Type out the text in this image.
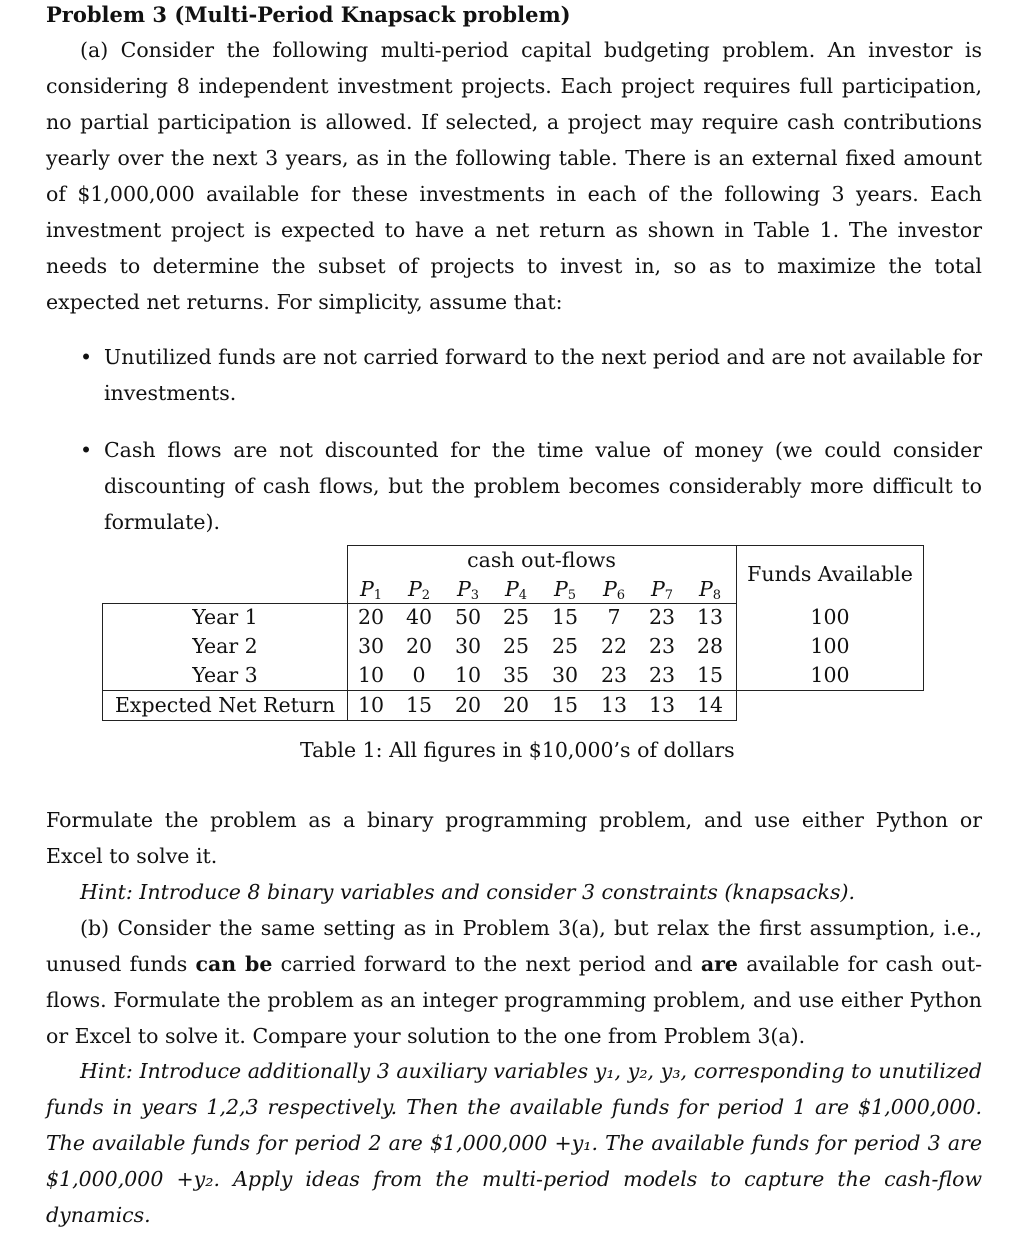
Problem 3 (Multi-Period Knapsack problem)

(a) Consider the following multi-period capital budgeting problem. An investor is considering 8 independent investment projects. Each project requires full participation, no partial participation is allowed. If selected, a project may require cash contributions yearly over the next 3 years, as in the following table. There is an external fixed amount of $1,000,000 available for these investments in each of the following 3 years. Each investment project is expected to have a net return as shown in Table 1. The investor needs to determine the subset of projects to invest in, so as to maximize the total expected net returns. For simplicity, assume that:

• Unutilized funds are not carried forward to the next period and are not available for investments.
• Cash flows are not discounted for the time value of money (we could consider discounting of cash flows, but the problem becomes considerably more difficult to formulate).
cash out-flows
Funds Available
$P_1$	$P_2$	$P_3$	$P_4$	$P_5$	$P_6$	$P_7$	$P_8$
Year 1	20	40	50	25	15	7	23	13	100
Year 2	30	20	30	25	25	22	23	28	100
Year 3	10	0	10	35	30	23	23	15	100
Expected Net Return	10	15	20	20	15	13	13	14
Table 1: All figures in $10,000’s of dollars

Formulate the problem as a binary programming problem, and use either Python or Excel to solve it.

Hint: Introduce 8 binary variables and consider 3 constraints (knapsacks).

(b) Consider the same setting as in Problem 3(a), but relax the first assumption, i.e., unused funds can be carried forward to the next period and are available for cash out-flows. Formulate the problem as an integer programming problem, and use either Python or Excel to solve it. Compare your solution to the one from Problem 3(a).

Hint: Introduce additionally 3 auxiliary variables y₁, y₂, y₃, corresponding to unutilized funds in years 1,2,3 respectively. Then the available funds for period 1 are $1,000,000. The available funds for period 2 are $1,000,000 +y₁. The available funds for period 3 are $1,000,000 +y₂. Apply ideas from the multi-period models to capture the cash-flow dynamics.
